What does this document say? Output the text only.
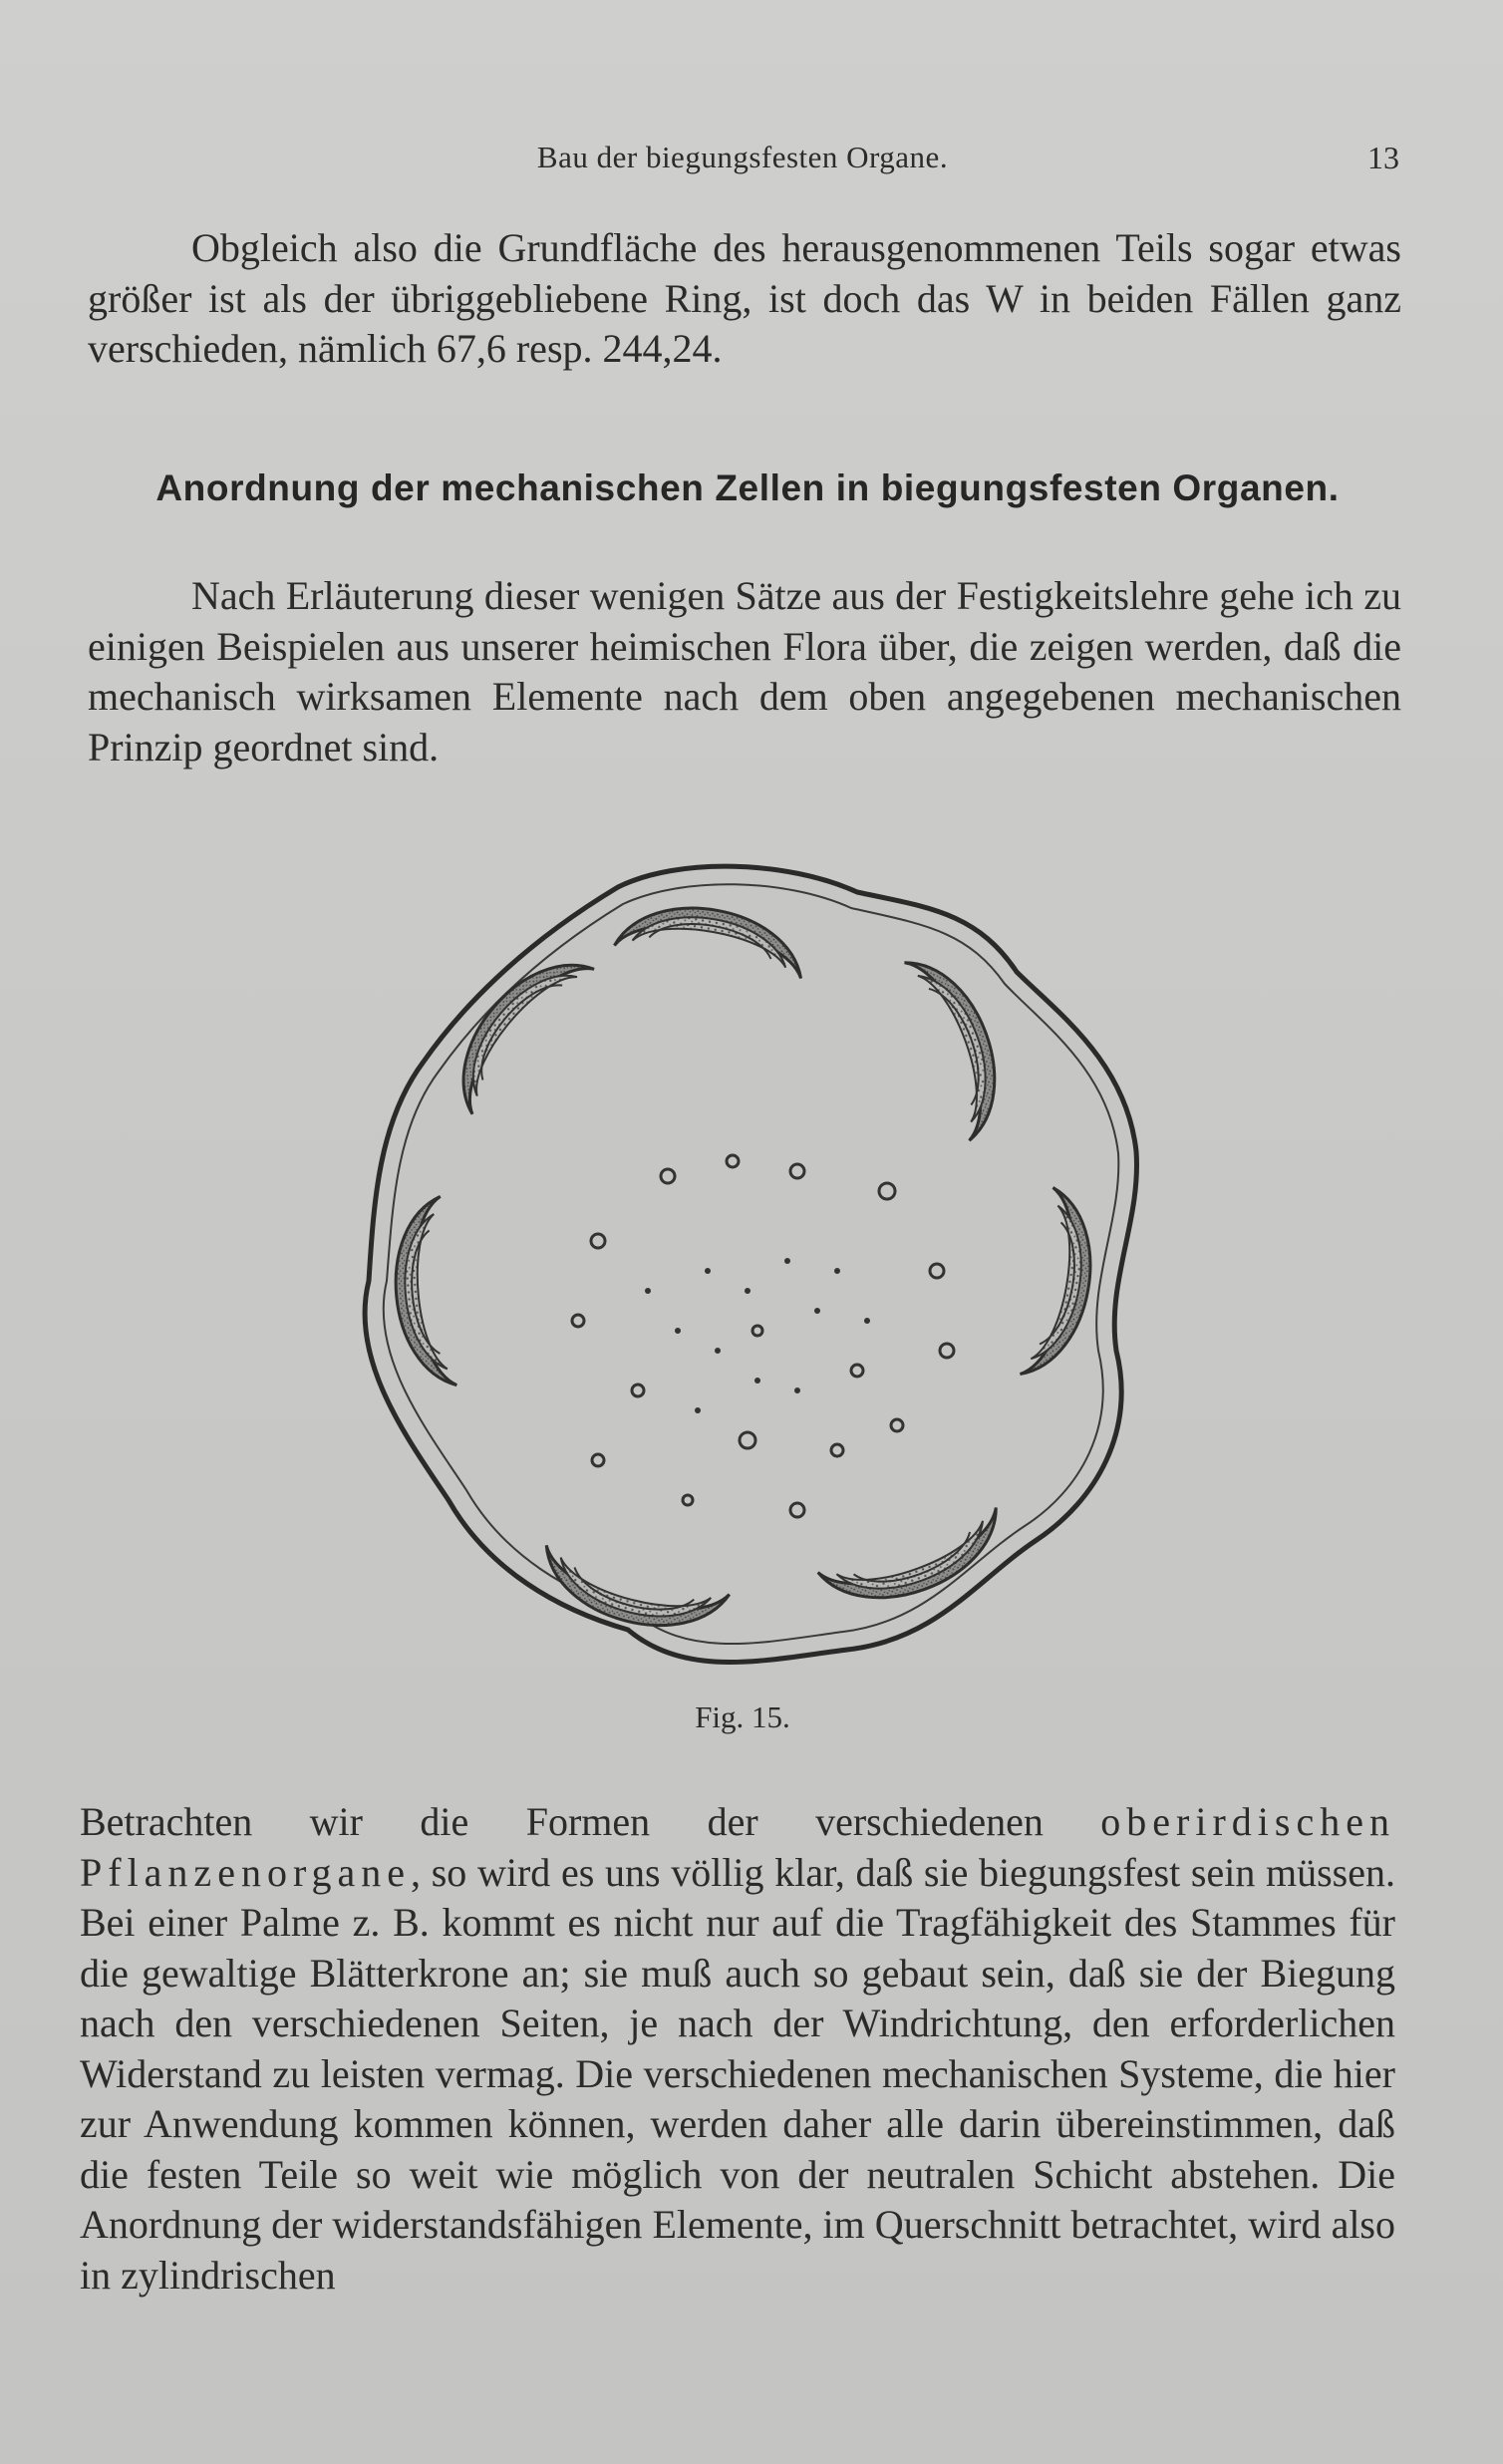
Bau der biegungsfesten Organe.	13

Obgleich also die Grundfläche des herausgenommenen Teils sogar etwas größer ist als der übriggebliebene Ring, ist doch das W in beiden Fällen ganz verschieden, nämlich 67,6 resp. 244,24.

Anordnung der mechanischen Zellen in biegungsfesten Organen.

Nach Erläuterung dieser wenigen Sätze aus der Festigkeitslehre gehe ich zu einigen Beispielen aus unserer heimischen Flora über, die zeigen werden, daß die mechanisch wirksamen Elemente nach dem oben angegebenen mechanischen Prinzip geordnet sind.

Fig. 15.

Betrachten wir die Formen der verschiedenen oberirdischen Pflanzenorgane, so wird es uns völlig klar, daß sie biegungsfest sein müssen. Bei einer Palme z. B. kommt es nicht nur auf die Tragfähigkeit des Stammes für die gewaltige Blätterkrone an; sie muß auch so gebaut sein, daß sie der Biegung nach den verschiedenen Seiten, je nach der Windrichtung, den erforderlichen Widerstand zu leisten vermag. Die verschiedenen mechanischen Systeme, die hier zur Anwendung kommen können, werden daher alle darin übereinstimmen, daß die festen Teile so weit wie möglich von der neutralen Schicht abstehen. Die Anordnung der widerstandsfähigen Elemente, im Querschnitt betrachtet, wird also in zylindrischen
